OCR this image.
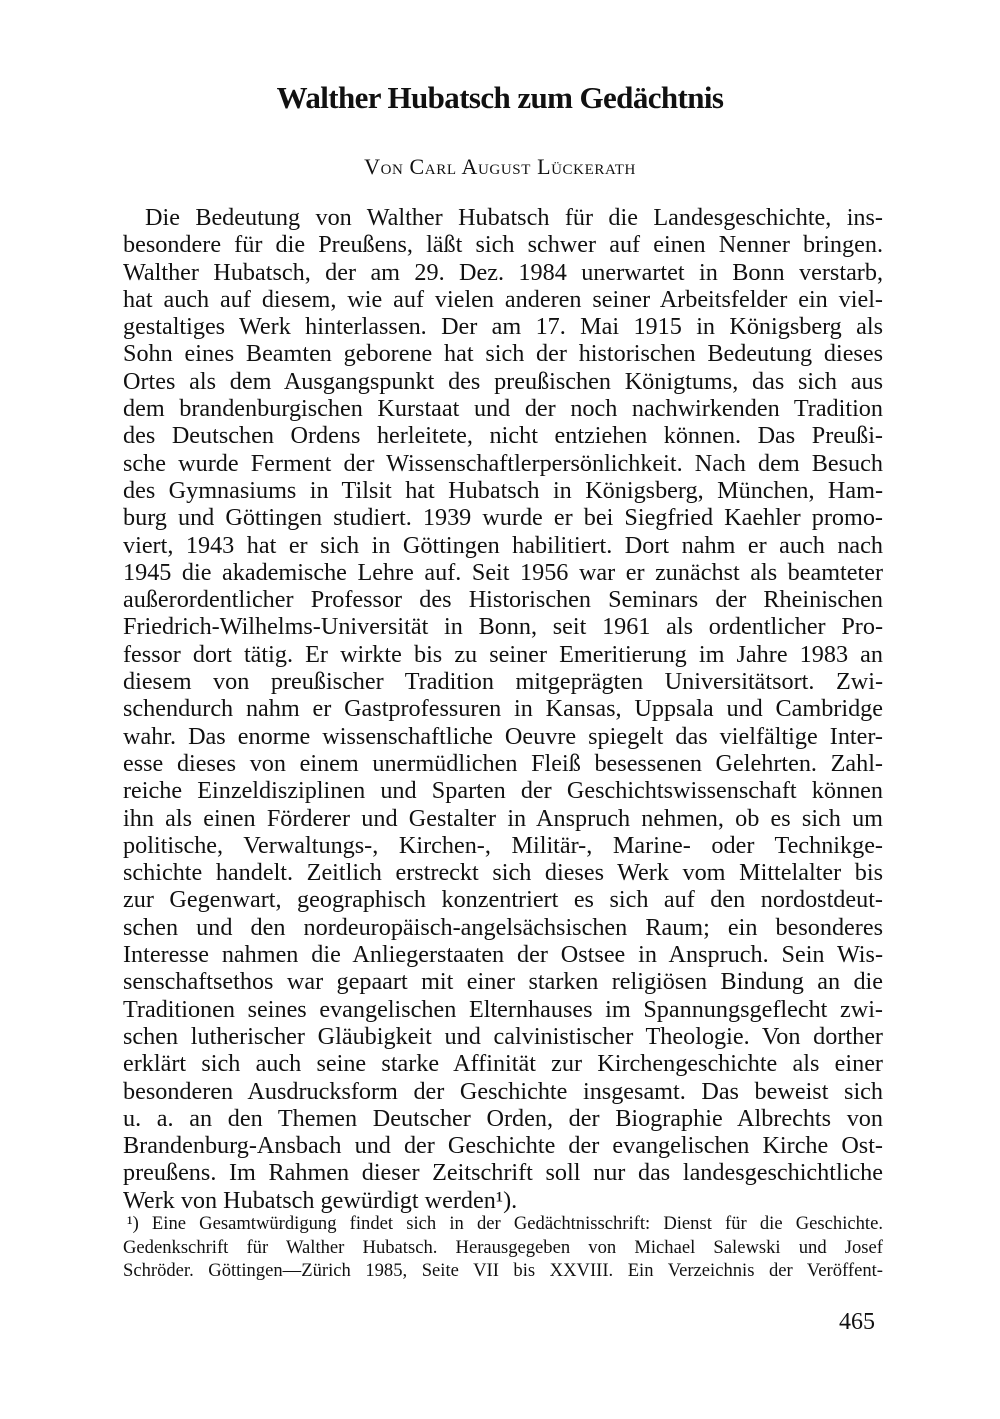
Walther Hubatsch zum Gedächtnis

Von Carl August Lückerath

Die Bedeutung von Walther Hubatsch für die Landesgeschichte, ins-
besondere für die Preußens, läßt sich schwer auf einen Nenner bringen.
Walther Hubatsch, der am 29. Dez. 1984 unerwartet in Bonn verstarb,
hat auch auf diesem, wie auf vielen anderen seiner Arbeitsfelder ein viel-
gestaltiges Werk hinterlassen. Der am 17. Mai 1915 in Königsberg als
Sohn eines Beamten geborene hat sich der historischen Bedeutung dieses
Ortes als dem Ausgangspunkt des preußischen Königtums, das sich aus
dem brandenburgischen Kurstaat und der noch nachwirkenden Tradition
des Deutschen Ordens herleitete, nicht entziehen können. Das Preußi-
sche wurde Ferment der Wissenschaftlerpersönlichkeit. Nach dem Besuch
des Gymnasiums in Tilsit hat Hubatsch in Königsberg, München, Ham-
burg und Göttingen studiert. 1939 wurde er bei Siegfried Kaehler promo-
viert, 1943 hat er sich in Göttingen habilitiert. Dort nahm er auch nach
1945 die akademische Lehre auf. Seit 1956 war er zunächst als beamteter
außerordentlicher Professor des Historischen Seminars der Rheinischen
Friedrich-Wilhelms-Universität in Bonn, seit 1961 als ordentlicher Pro-
fessor dort tätig. Er wirkte bis zu seiner Emeritierung im Jahre 1983 an
diesem von preußischer Tradition mitgeprägten Universitätsort. Zwi-
schendurch nahm er Gastprofessuren in Kansas, Uppsala und Cambridge
wahr. Das enorme wissenschaftliche Oeuvre spiegelt das vielfältige Inter-
esse dieses von einem unermüdlichen Fleiß besessenen Gelehrten. Zahl-
reiche Einzeldisziplinen und Sparten der Geschichtswissenschaft können
ihn als einen Förderer und Gestalter in Anspruch nehmen, ob es sich um
politische, Verwaltungs-, Kirchen-, Militär-, Marine- oder Technikge-
schichte handelt. Zeitlich erstreckt sich dieses Werk vom Mittelalter bis
zur Gegenwart, geographisch konzentriert es sich auf den nordostdeut-
schen und den nordeuropäisch-angelsächsischen Raum; ein besonderes
Interesse nahmen die Anliegerstaaten der Ostsee in Anspruch. Sein Wis-
senschaftsethos war gepaart mit einer starken religiösen Bindung an die
Traditionen seines evangelischen Elternhauses im Spannungsgeflecht zwi-
schen lutherischer Gläubigkeit und calvinistischer Theologie. Von dorther
erklärt sich auch seine starke Affinität zur Kirchengeschichte als einer
besonderen Ausdrucksform der Geschichte insgesamt. Das beweist sich
u. a. an den Themen Deutscher Orden, der Biographie Albrechts von
Brandenburg-Ansbach und der Geschichte der evangelischen Kirche Ost-
preußens. Im Rahmen dieser Zeitschrift soll nur das landesgeschichtliche
Werk von Hubatsch gewürdigt werden¹).
¹) Eine Gesamtwürdigung findet sich in der Gedächtnisschrift: Dienst für die Geschichte.
Gedenkschrift für Walther Hubatsch. Herausgegeben von Michael Salewski und Josef
Schröder. Göttingen—Zürich 1985, Seite VII bis XXVIII. Ein Verzeichnis der Veröffent-

465
